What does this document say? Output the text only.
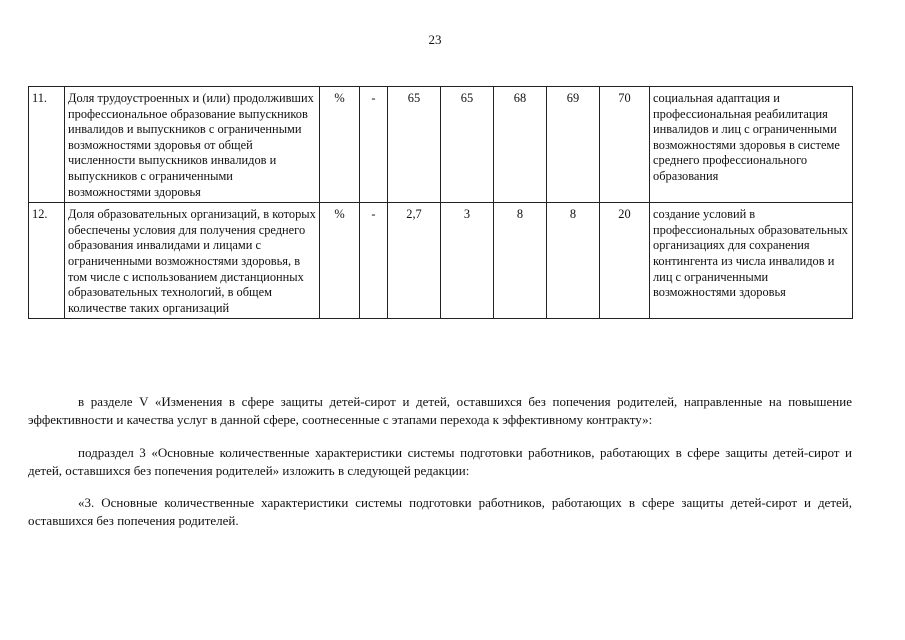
23
11.	Доля трудоустроенных и (или) продолживших профессиональное образование выпускников инвалидов и выпускников с ограниченными возможностями здоровья от общей численности выпускников инвалидов и выпускников с ограниченными возможностями здоровья	%	-	65	65	68	69	70	социальная адаптация и профессиональная реабилитация инвалидов и лиц с ограниченными возможностями здоровья в системе среднего профессионального образования
12.	Доля образовательных организаций, в которых обеспечены условия для получения среднего образования инвалидами и лицами с ограниченными возможностями здоровья, в том числе с использованием дистанционных образовательных технологий, в общем количестве таких организаций	%	-	2,7	3	8	8	20	создание условий в профессиональных образовательных организациях для сохранения контингента из числа инвалидов и лиц с ограниченными возможностями здоровья

в разделе V «Изменения в сфере защиты детей-сирот и детей, оставшихся без попечения родителей, направленные на повышение эффективности и качества услуг в данной сфере, соотнесенные с этапами перехода к эффективному контракту»:

подраздел 3 «Основные количественные характеристики системы подготовки работников, работающих в сфере защиты детей-сирот и детей, оставшихся без попечения родителей» изложить в следующей редакции:

«3. Основные количественные характеристики системы подготовки работников, работающих в сфере защиты детей-сирот и детей, оставшихся без попечения родителей.
